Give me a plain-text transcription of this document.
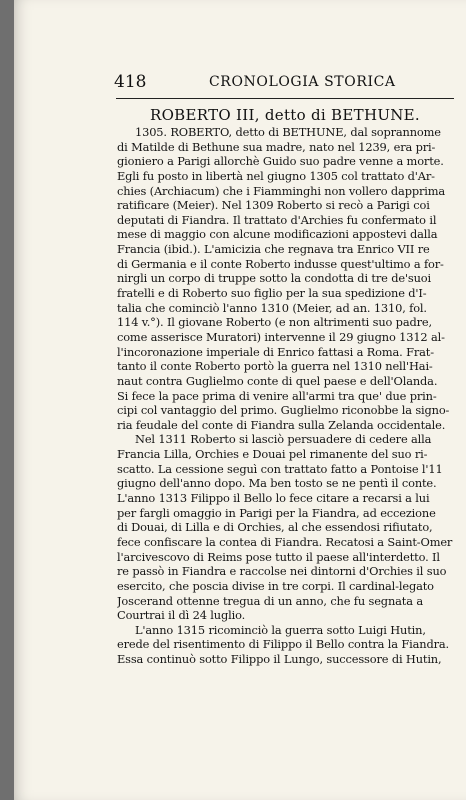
418	CRONOLOGIA STORICA
ROBERTO III, detto di BETHUNE.
1305. ROBERTO, detto di BETHUNE, dal soprannome
di Matilde di Bethune sua madre, nato nel 1239, era pri-
gioniero a Parigi allorchè Guido suo padre venne a morte.
Egli fu posto in libertà nel giugno 1305 col trattato d'Ar-
chies (Archiacum) che i Fiamminghi non vollero dapprima
ratificare (Meier). Nel 1309 Roberto si recò a Parigi coi
deputati di Fiandra. Il trattato d'Archies fu confermato il
mese di maggio con alcune modificazioni appostevi dalla
Francia (ibid.). L'amicizia che regnava tra Enrico VII re
di Germania e il conte Roberto indusse quest'ultimo a for-
nirgli un corpo di truppe sotto la condotta di tre de'suoi
fratelli e di Roberto suo figlio per la sua spedizione d'I-
talia che cominciò l'anno 1310 (Meier, ad an. 1310, fol.
114 v.°). Il giovane Roberto (e non altrimenti suo padre,
come asserisce Muratori) intervenne il 29 giugno 1312 al-
l'incoronazione imperiale di Enrico fattasi a Roma. Frat-
tanto il conte Roberto portò la guerra nel 1310 nell'Hai-
naut contra Guglielmo conte di quel paese e dell'Olanda.
Si fece la pace prima di venire all'armi tra que' due prin-
cipi col vantaggio del primo. Guglielmo riconobbe la signo-
ria feudale del conte di Fiandra sulla Zelanda occidentale.
Nel 1311 Roberto si lasciò persuadere di cedere alla
Francia Lilla, Orchies e Douai pel rimanente del suo ri-
scatto. La cessione seguì con trattato fatto a Pontoise l'11
giugno dell'anno dopo. Ma ben tosto se ne pentì il conte.
L'anno 1313 Filippo il Bello lo fece citare a recarsi a lui
per fargli omaggio in Parigi per la Fiandra, ad eccezione
di Douai, di Lilla e di Orchies, al che essendosi rifiutato,
fece confiscare la contea di Fiandra. Recatosi a Saint-Omer
l'arcivescovo di Reims pose tutto il paese all'interdetto. Il
re passò in Fiandra e raccolse nei dintorni d'Orchies il suo
esercito, che poscia divise in tre corpi. Il cardinal-legato
Joscerand ottenne tregua di un anno, che fu segnata a
Courtrai il dì 24 luglio.
L'anno 1315 ricominciò la guerra sotto Luigi Hutin,
erede del risentimento di Filippo il Bello contra la Fiandra.
Essa continuò sotto Filippo il Lungo, successore di Hutin,
